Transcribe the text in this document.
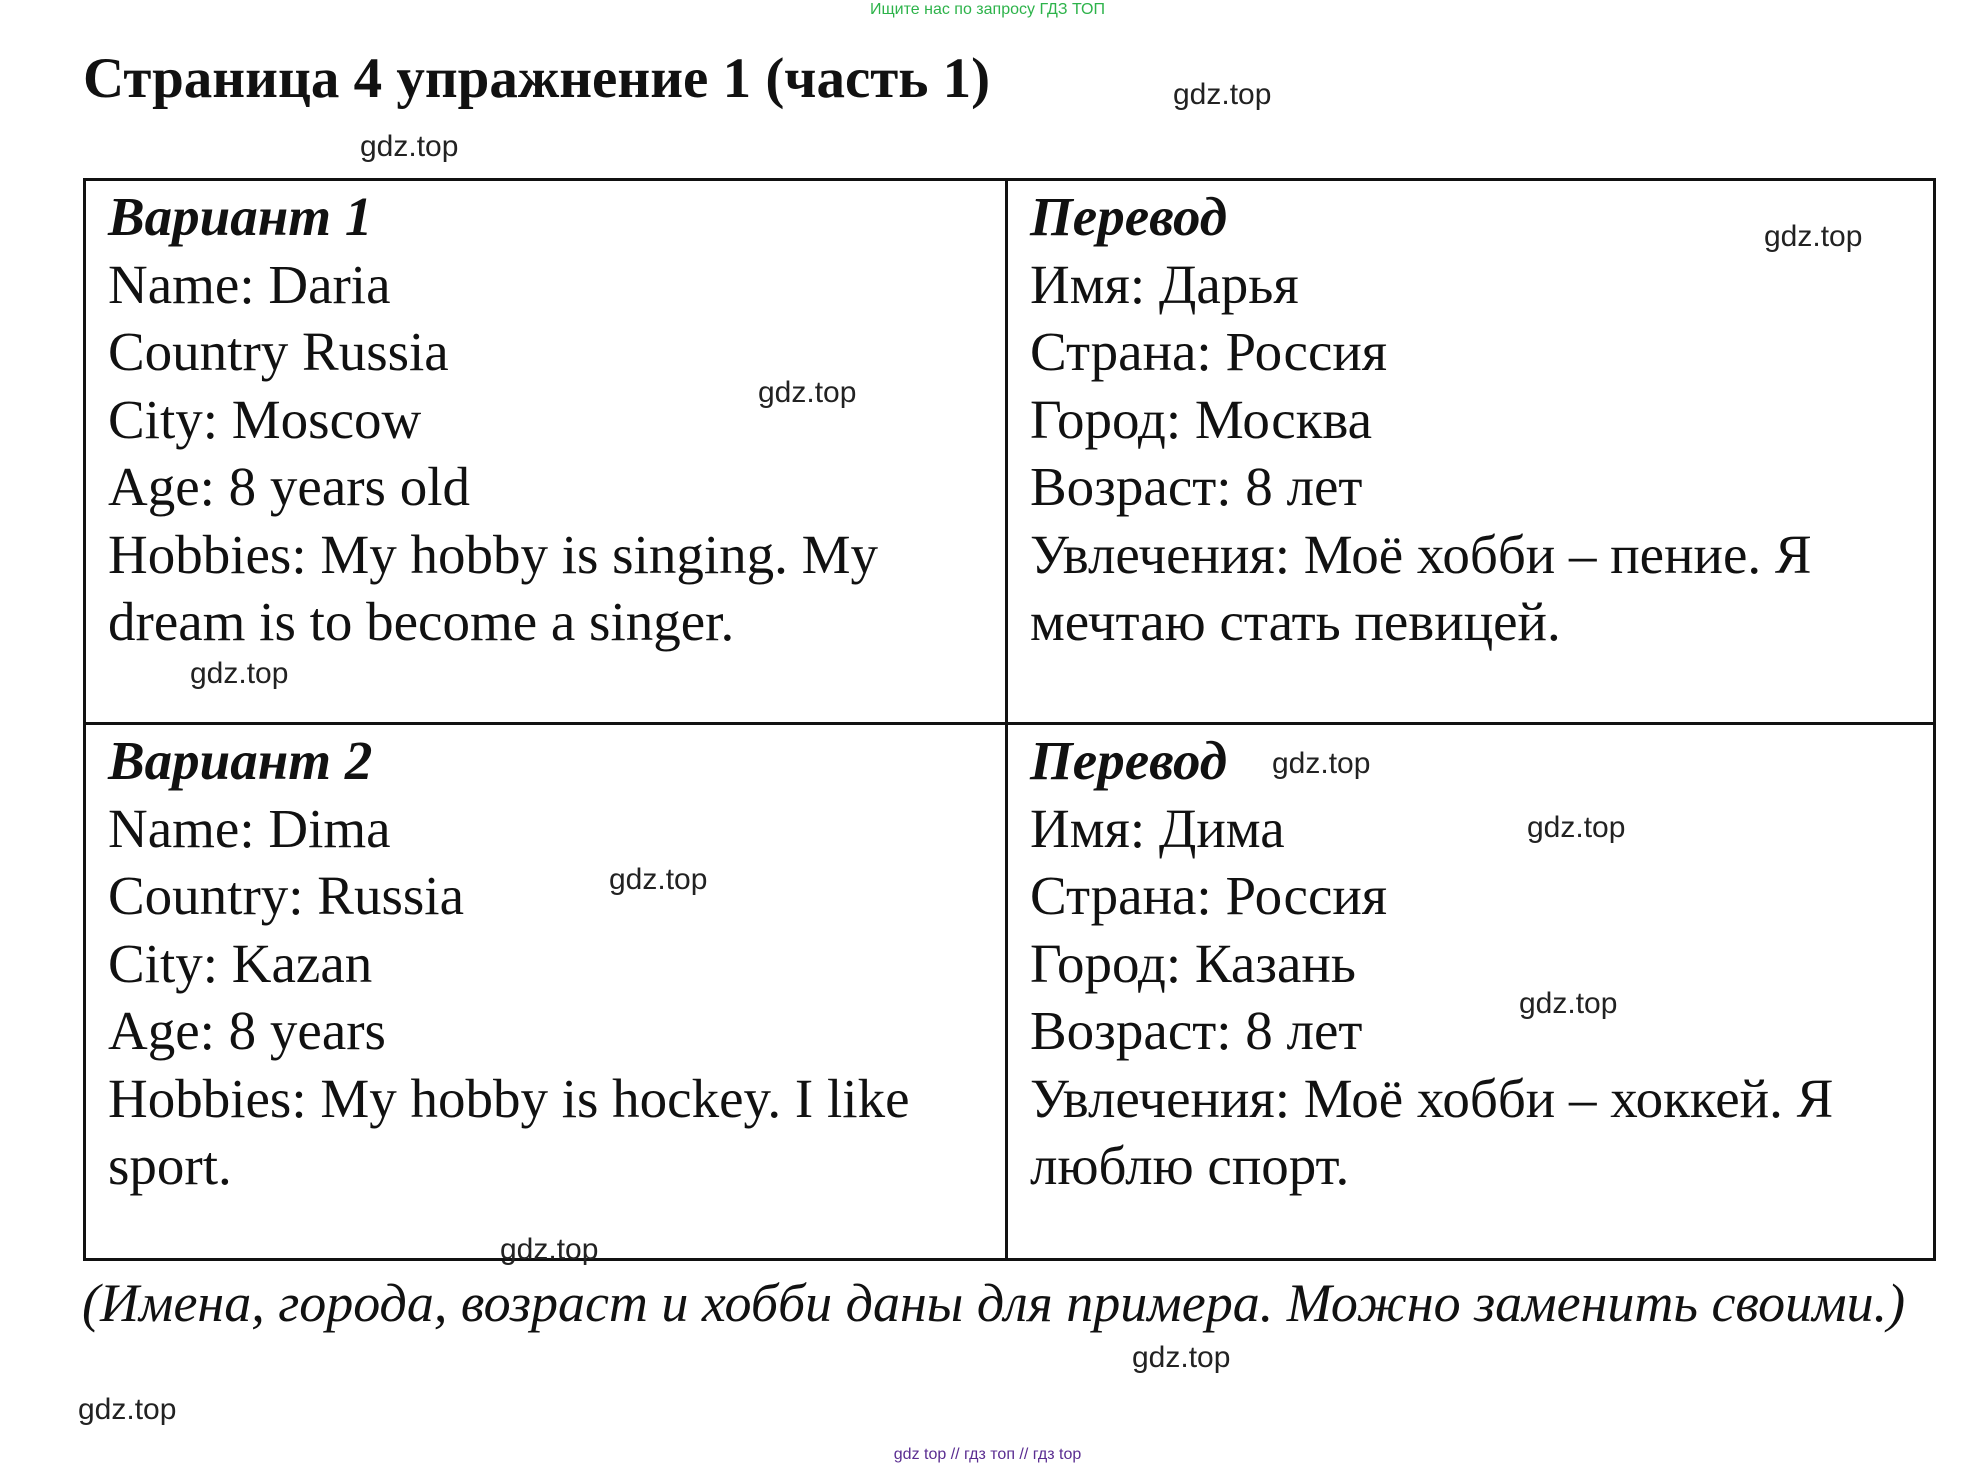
Ищите нас по запросу ГДЗ ТОП
Страница 4 упражнение 1 (часть 1)
Вариант 1
Name: Daria
Country Russia
City: Moscow
Age: 8 years old
Hobbies: My hobby is singing. My
dream is to become a singer.
Перевод
Имя: Дарья
Страна: Россия
Город: Москва
Возраст: 8 лет
Увлечения: Моё хобби – пение. Я
мечтаю стать певицей.
Вариант 2
Name: Dima
Country: Russia
City: Kazan
Age: 8 years
Hobbies: My hobby is hockey. I like
sport.
Перевод
Имя: Дима
Страна: Россия
Город: Казань
Возраст: 8 лет
Увлечения: Моё хобби – хоккей. Я
люблю спорт.
(Имена, города, возраст и хобби даны для примера. Можно заменить своими.)
gdz.top
gdz.top
gdz.top
gdz.top
gdz.top
gdz.top
gdz.top
gdz.top
gdz.top
gdz.top
gdz.top
gdz.top
gdz top // гдз топ // гдз top
